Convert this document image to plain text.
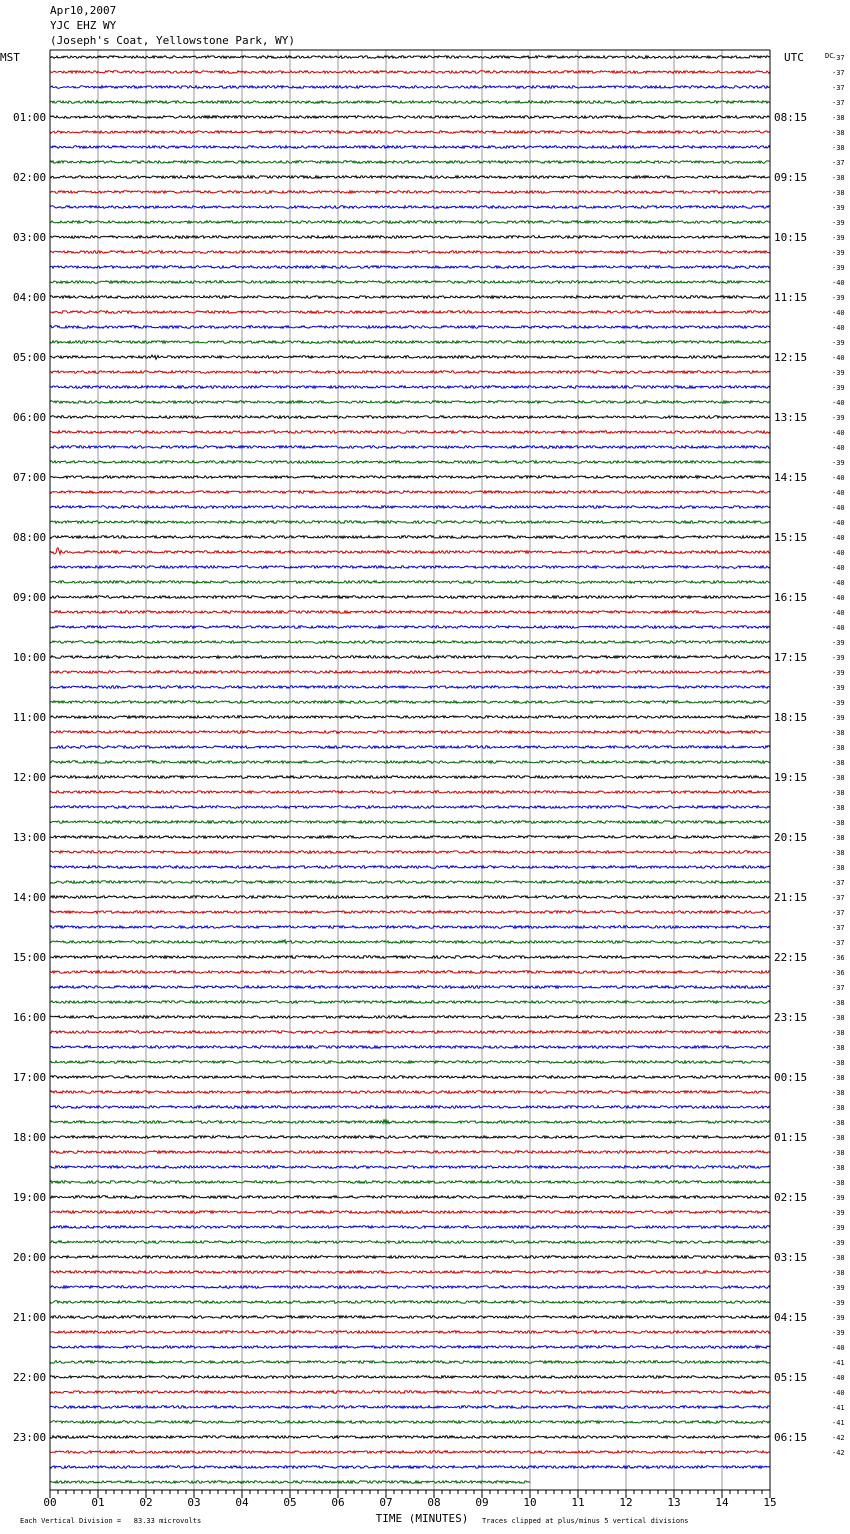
Apr10,2007
YJC EHZ WY
(Joseph's Coat, Yellowstone Park, WY)
00	01	02	03	04	05	06	07	08	09	10	11	12	13	14	15
MST	UTC	DC
01:00
02:00
03:00
04:00
05:00
06:00
07:00
08:00
09:00
10:00
11:00
12:00
13:00
14:00
15:00
16:00
17:00
18:00
19:00
20:00
21:00
22:00
23:00
08:15
09:15
10:15
11:15
12:15
13:15
14:15
15:15
16:15
17:15
18:15
19:15
20:15
21:15
22:15
23:15
00:15
01:15
02:15
03:15
04:15
05:15
06:15
-37
-37
-37
-37
-38
-38
-38
-37
-38
-38
-39
-39
-39
-39
-39
-40
-39
-40
-40
-39
-40
-39
-39
-40
-39
-40
-40
-39
-40
-40
-40
-40
-40
-40
-40
-40
-40
-40
-40
-39
-39
-39
-39
-39
-39
-38
-38
-38
-38
-38
-38
-38
-38
-38
-38
-37
-37
-37
-37
-37
-36
-36
-37
-38
-38
-38
-38
-38
-38
-38
-38
-38
-38
-38
-38
-38
-39
-39
-39
-39
-38
-38
-39
-39
-39
-39
-40
-41
-40
-40
-41
-41
-42
-42
Each Vertical Division =   83.33 microvolts	TIME (MINUTES) Traces clipped at plus/minus 5 vertical divisions
